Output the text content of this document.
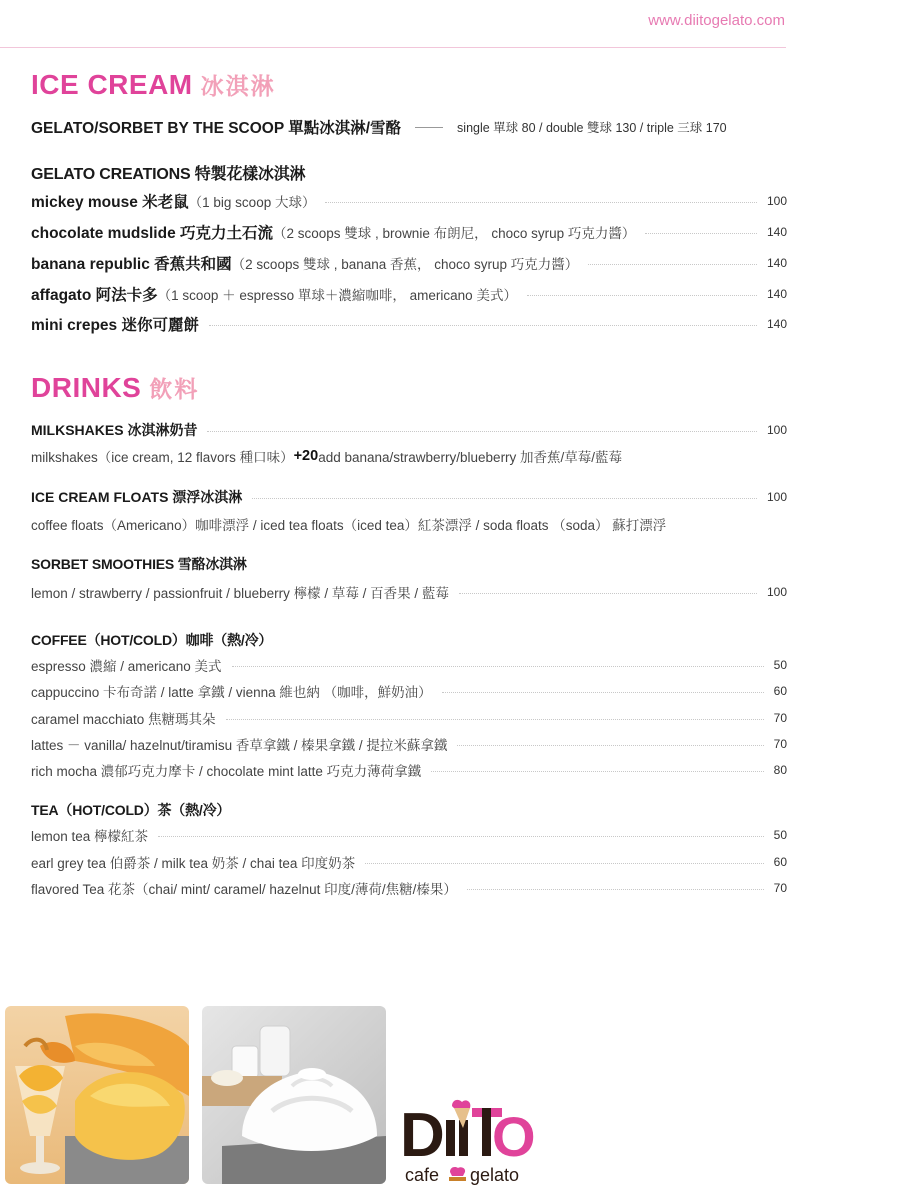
www.diitogelato.com
ICE CREAM 冰淇淋
GELATO/SORBET BY THE SCOOP 單點冰淇淋/雪酪	single 單球 80 / double 雙球 130 / triple 三球 170
GELATO CREATIONS 特製花樣冰淇淋
mickey mouse 米老鼠（1 big scoop 大球）	100
chocolate mudslide 巧克力土石流（2 scoops 雙球 , brownie 布朗尼， choco syrup 巧克力醬）	140
banana republic 香蕉共和國（2 scoops 雙球 , banana 香蕉， choco syrup 巧克力醬）	140
affagato 阿法卡多（1 scoop ＋ espresso 單球＋濃縮咖啡， americano 美式）	140
mini crepes 迷你可麗餅	140
DRINKS 飲料
MILKSHAKES 冰淇淋奶昔	100
milkshakes（ice cream, 12 flavors 種口味） +20 add banana/strawberry/blueberry 加香蕉/草莓/藍莓
ICE CREAM FLOATS 漂浮冰淇淋	100
coffee floats（Americano）咖啡漂浮 / iced tea floats（iced tea）紅茶漂浮 / soda floats （soda） 蘇打漂浮
SORBET SMOOTHIES 雪酪冰淇淋
lemon / strawberry / passionfruit / blueberry 檸檬 / 草莓 / 百香果 / 藍莓	100
COFFEE（HOT/COLD）咖啡（熱/冷）
espresso 濃縮 / americano 美式	50
cappuccino 卡布奇諾 / latte 拿鐵 / vienna 維也納 （咖啡，鮮奶油）	60
caramel macchiato 焦糖瑪其朵	70
lattes － vanilla/ hazelnut/tiramisu 香草拿鐵 / 榛果拿鐵 / 提拉米蘇拿鐵	70
rich mocha 濃郁巧克力摩卡 / chocolate mint latte 巧克力薄荷拿鐵	80
TEA（HOT/COLD）茶（熱/冷）
lemon tea 檸檬紅茶	50
earl grey tea 伯爵茶 / milk tea 奶茶 / chai tea 印度奶茶	60
flavored Tea 花茶（chai/ mint/ caramel/ hazelnut 印度/薄荷/焦糖/榛果）	70
D O
cafe gelato
